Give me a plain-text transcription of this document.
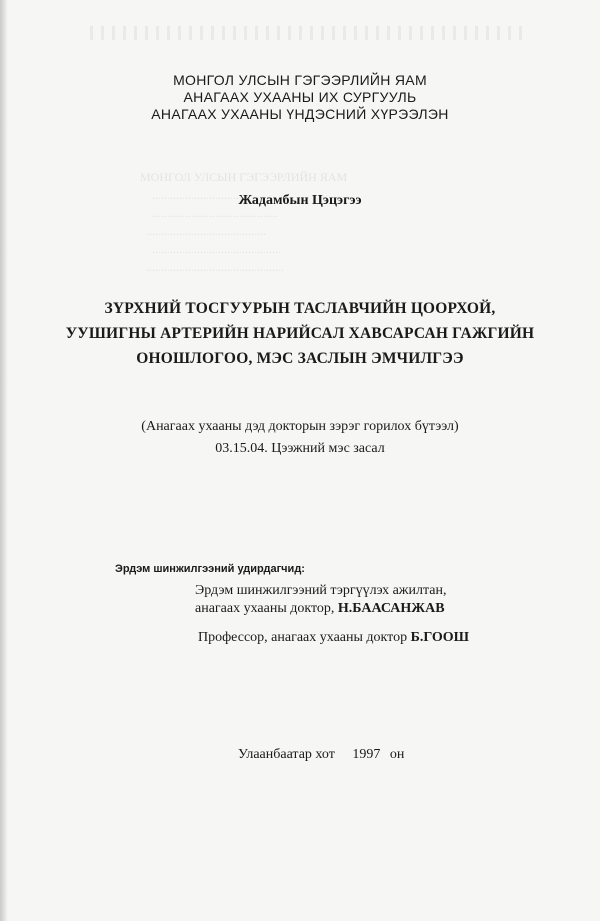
МОНГОЛ УЛСЫН ГЭГЭЭРЛИЙН ЯАМ
............................................
..........................................
........................................
...........................................
..............................................

МОНГОЛ УЛСЫН ГЭГЭЭРЛИЙН ЯАМ
АНАГААХ УХААНЫ ИХ СУРГУУЛЬ
АНАГААХ УХААНЫ ҮНДЭСНИЙ ХҮРЭЭЛЭН
Жадамбын Цэцэгээ
ЗҮРХНИЙ ТОСГУУРЫН ТАСЛАВЧИЙН ЦООРХОЙ,
УУШИГНЫ АРТЕРИЙН НАРИЙСАЛ ХАВСАРСАН ГАЖГИЙН
ОНОШЛОГОО, МЭС ЗАСЛЫН ЭМЧИЛГЭЭ
(Анагаах ухааны дэд докторын зэрэг горилох бүтээл)
03.15.04. Цээжний мэс засал
Эрдэм шинжилгээний удирдагчид:
Эрдэм шинжилгээний тэргүүлэх ажилтан,
анагаах ухааны доктор, Н.БААСАНЖАВ
Профессор, анагаах ухааны доктор Б.ГООШ
Улаанбаатар хот 1997 он
